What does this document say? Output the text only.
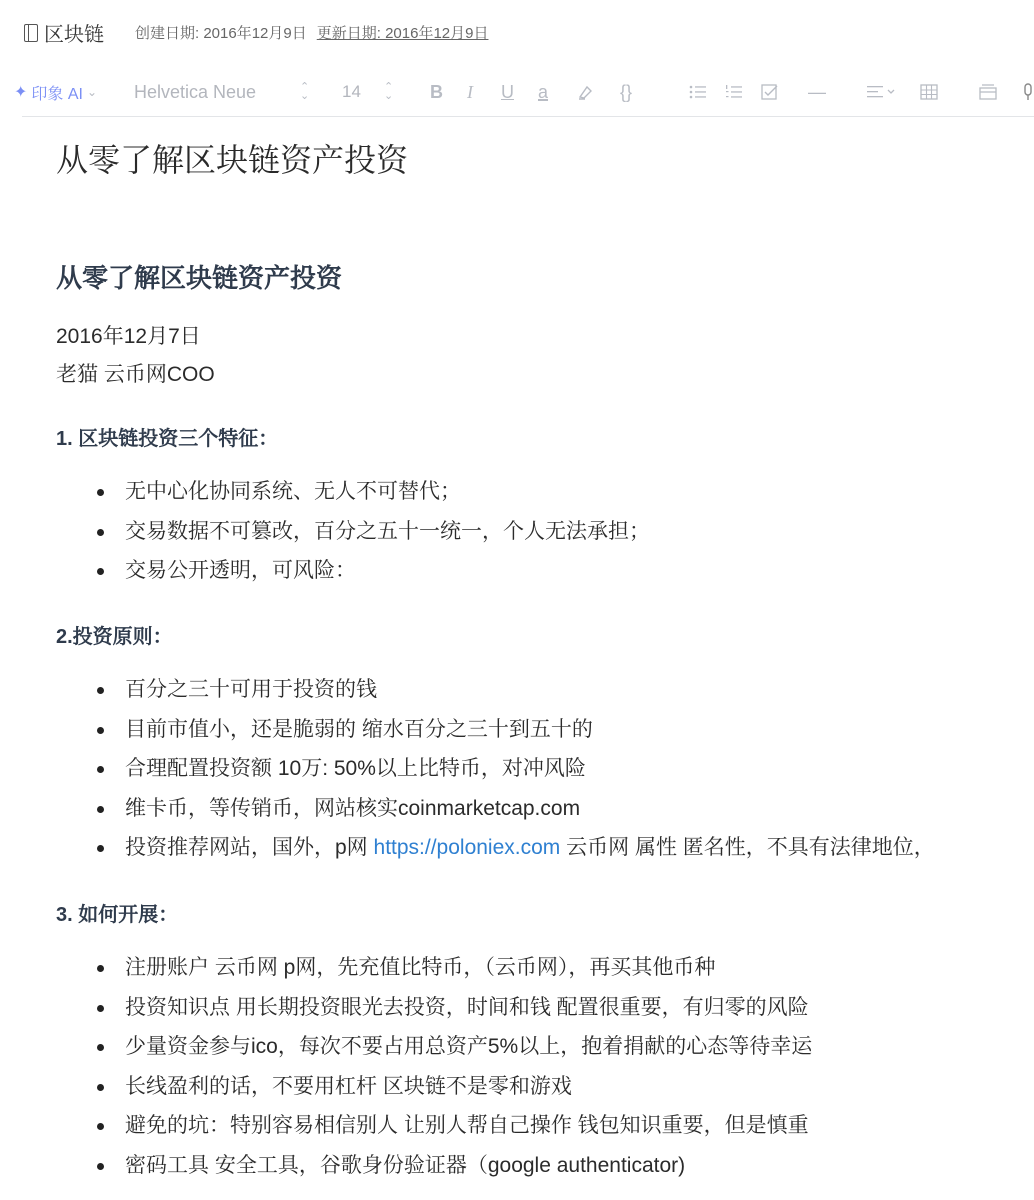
区块链 创建日期: 2016年12月9日 更新日期: 2016年12月9日
✦ 印象 AI ⌄ Helvetica Neue	⌃
⌄ 14 ⌃
⌄ B I U a	{}	—
从零了解区块链资产投资
从零了解区块链资产投资
2016年12月7日
老猫 云币网COO
1. 区块链投资三个特征：
无中心化协同系统、无人不可替代；
交易数据不可篡改，百分之五十一统一，个人无法承担；
交易公开透明，可风险：
2.投资原则：
百分之三十可用于投资的钱
目前市值小，还是脆弱的 缩水百分之三十到五十的
合理配置投资额 10万: 50%以上比特币，对冲风险
维卡币，等传销币，网站核实coinmarketcap.com
投资推荐网站，国外，p网 https://poloniex.com 云币网 属性 匿名性，不具有法律地位，
3. 如何开展：
注册账户 云币网 p网，先充值比特币，（云币网），再买其他币种
投资知识点 用长期投资眼光去投资，时间和钱 配置很重要，有归零的风险
少量资金参与ico，每次不要占用总资产5%以上，抱着捐献的心态等待幸运
长线盈利的话，不要用杠杆 区块链不是零和游戏
避免的坑：特别容易相信别人 让别人帮自己操作 钱包知识重要，但是慎重
密码工具 安全工具，谷歌身份验证器（google authenticator)
